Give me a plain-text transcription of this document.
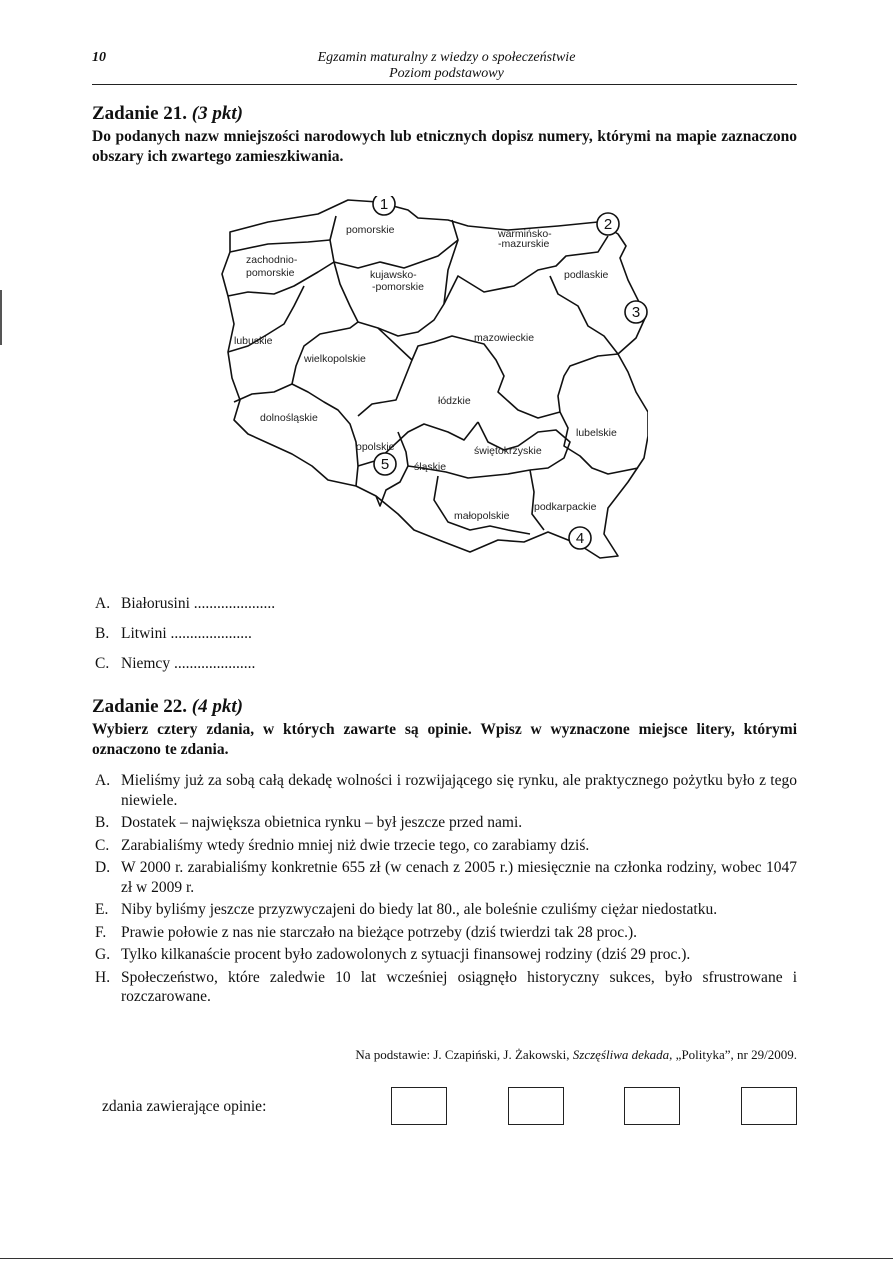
10	Egzamin maturalny z wiedzy o społeczeństwie
Poziom podstawowy
Zadanie 21. (3 pkt)
Do podanych nazw mniejszości narodowych lub etnicznych dopisz numery, którymi na mapie zaznaczono obszary ich zwartego zamieszkiwania.
pomorskie	warmińsko-
-mazurskie
zachodnio-
pomorskie	kujawsko-
-pomorskie
podlaskie
lubuskie	mazowieckie
wielkopolskie
łódzkie
dolnośląskie
lubelskie
opolskie	świętokrzyskie
śląskie
małopolskie
podkarpackie
1
2
3
4
5
A. Białorusini .....................
B. Litwini .....................
C. Niemcy .....................
Zadanie 22. (4 pkt)
Wybierz cztery zdania, w których zawarte są opinie. Wpisz w wyznaczone miejsce litery, którymi oznaczono te zdania.
A. Mieliśmy już za sobą całą dekadę wolności i rozwijającego się rynku, ale praktycznego pożytku było z tego niewiele.
B. Dostatek – największa obietnica rynku – był jeszcze przed nami.
C. Zarabialiśmy wtedy średnio mniej niż dwie trzecie tego, co zarabiamy dziś.
D. W 2000 r. zarabialiśmy konkretnie 655 zł (w cenach z 2005 r.) miesięcznie na członka rodziny, wobec 1047 zł w 2009 r.
E. Niby byliśmy jeszcze przyzwyczajeni do biedy lat 80., ale boleśnie czuliśmy ciężar niedostatku.
F. Prawie połowie z nas nie starczało na bieżące potrzeby (dziś twierdzi tak 28 proc.).
G. Tylko kilkanaście procent było zadowolonych z sytuacji finansowej rodziny (dziś 29 proc.).
H. Społeczeństwo, które zaledwie 10 lat wcześniej osiągnęło historyczny sukces, było sfrustrowane i rozczarowane.
Na podstawie: J. Czapiński, J. Żakowski, Szczęśliwa dekada, „Polityka”, nr 29/2009.
zdania zawierające opinie:
